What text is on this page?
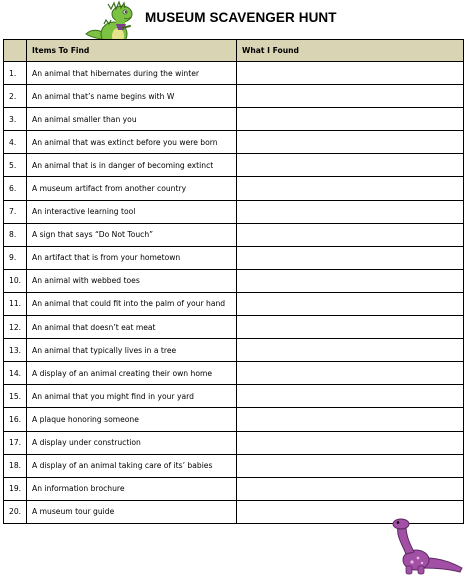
MUSEUM SCAVENGER HUNT
	Items To Find	What I Found
1.	An animal that hibernates during the winter	
2.	An animal that’s name begins with W	
3.	An animal smaller than you	
4.	An animal that was extinct before you were born	
5.	An animal that is in danger of becoming extinct	
6.	A museum artifact from another country	
7.	An interactive learning tool	
8.	A sign that says “Do Not Touch”	
9.	An artifact that is from your hometown	
10.	An animal with webbed toes	
11.	An animal that could fit into the palm of your hand	
12.	An animal that doesn’t eat meat	
13.	An animal that typically lives in a tree	
14.	A display of an animal creating their own home	
15.	An animal that you might find in your yard	
16.	A plaque honoring someone	
17.	A display under construction	
18.	A display of an animal taking care of its’ babies	
19.	An information brochure	
20.	A museum tour guide	
